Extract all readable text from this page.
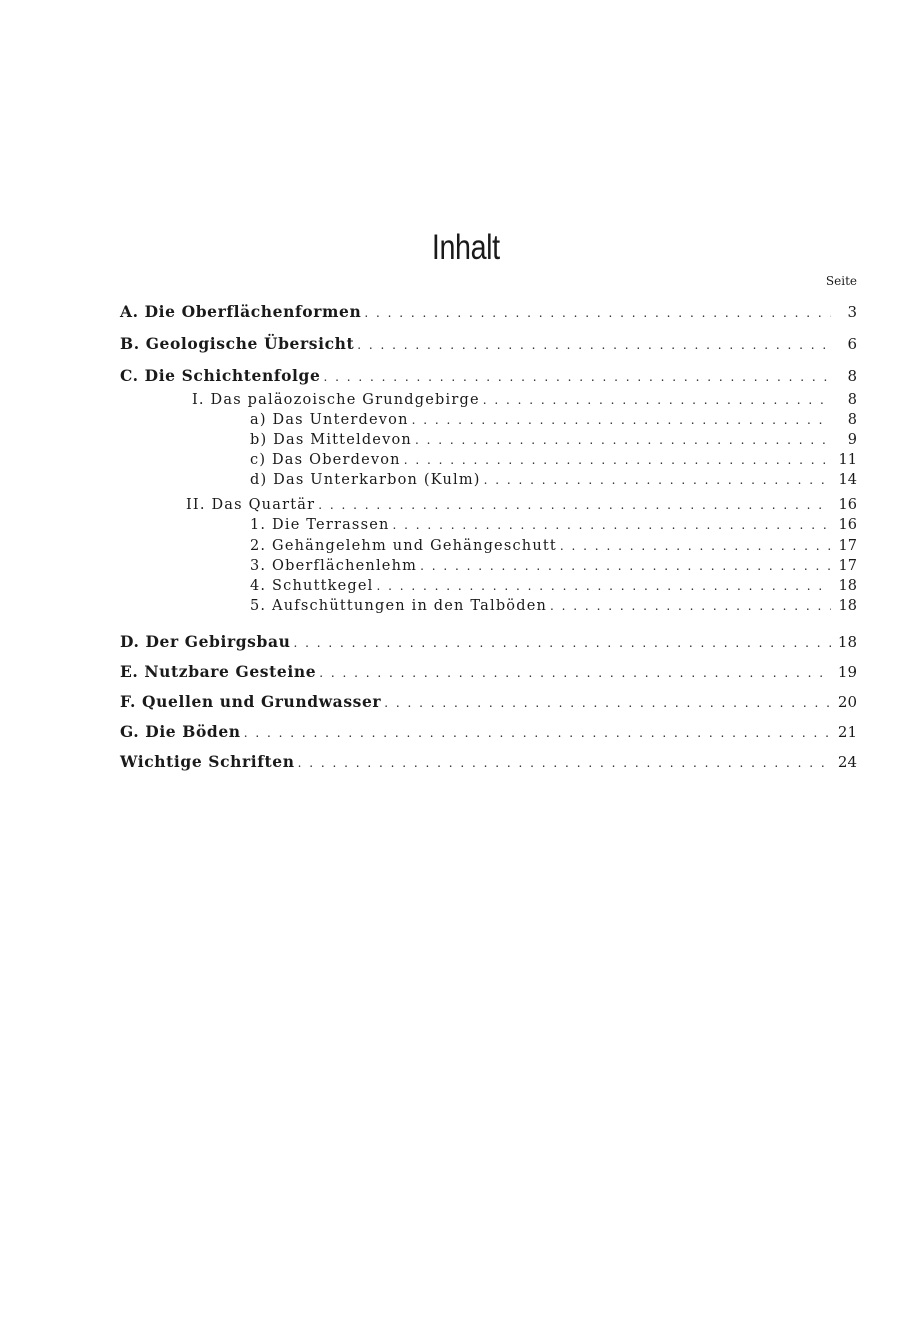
Inhalt
Seite
A. Die Oberflächenformen . . .	3
B. Geologische Übersicht . . .	6
C. Die Schichtenfolge . . .	8
I. Das paläozoische Grundgebirge . . .	8
a) Das Unterdevon . . .	8
b) Das Mitteldevon . . .	9
c) Das Oberdevon . . .	11
d) Das Unterkarbon (Kulm) . . .	14
II. Das Quartär . . .	16
1. Die Terrassen . . .	16
2. Gehängelehm und Gehängeschutt . . .	17
3. Oberflächenlehm . . .	17
4. Schuttkegel . . .	18
5. Aufschüttungen in den Talböden . . .	18
D. Der Gebirgsbau . . .	18
E. Nutzbare Gesteine . . .	19
F. Quellen und Grundwasser . . .	20
G. Die Böden . . .	21
Wichtige Schriften . . .	24
